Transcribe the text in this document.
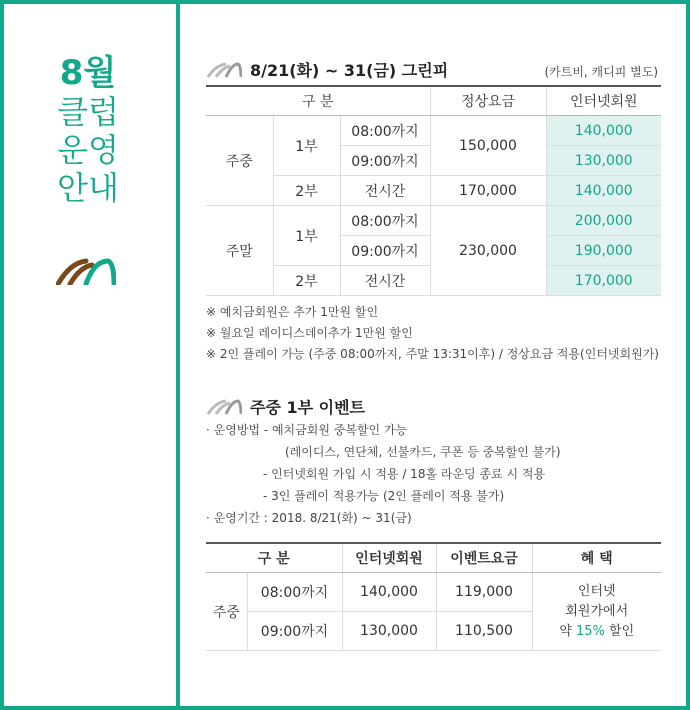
8월
클럽
운영
안내
8/21(화) ~ 31(금) 그린피	(카트비, 캐디피 별도)
구 분			정상요금	인터넷회원
주중	1부	08:00까지	150,000	140,000
		09:00까지		130,000
	2부	전시간	170,000	140,000
주말	1부	08:00까지	230,000	200,000
		09:00까지		190,000
	2부	전시간		170,000
※ 예치금회원은 추가 1만원 할인
※ 월요일 레이디스데이추가 1만원 할인
※ 2인 플레이 가능 (주중 08:00까지, 주말 13:31이후) / 정상요금 적용(인터넷회원가)
주중 1부 이벤트
· 운영방법 - 예치금회원 중복할인 가능
(레이디스, 연단체, 선불카드, 쿠폰 등 중복할인 불가)
- 인터넷회원 가입 시 적용 / 18홀 라운딩 종료 시 적용
- 3인 플레이 적용가능 (2인 플레이 적용 불가)
· 운영기간 : 2018. 8/21(화) ~ 31(금)
구 분		인터넷회원	이벤트요금	혜 택
주중	08:00까지	140,000	119,000	인터넷
회원가에서
약 15% 할인

	09:00까지	130,000	110,500	
